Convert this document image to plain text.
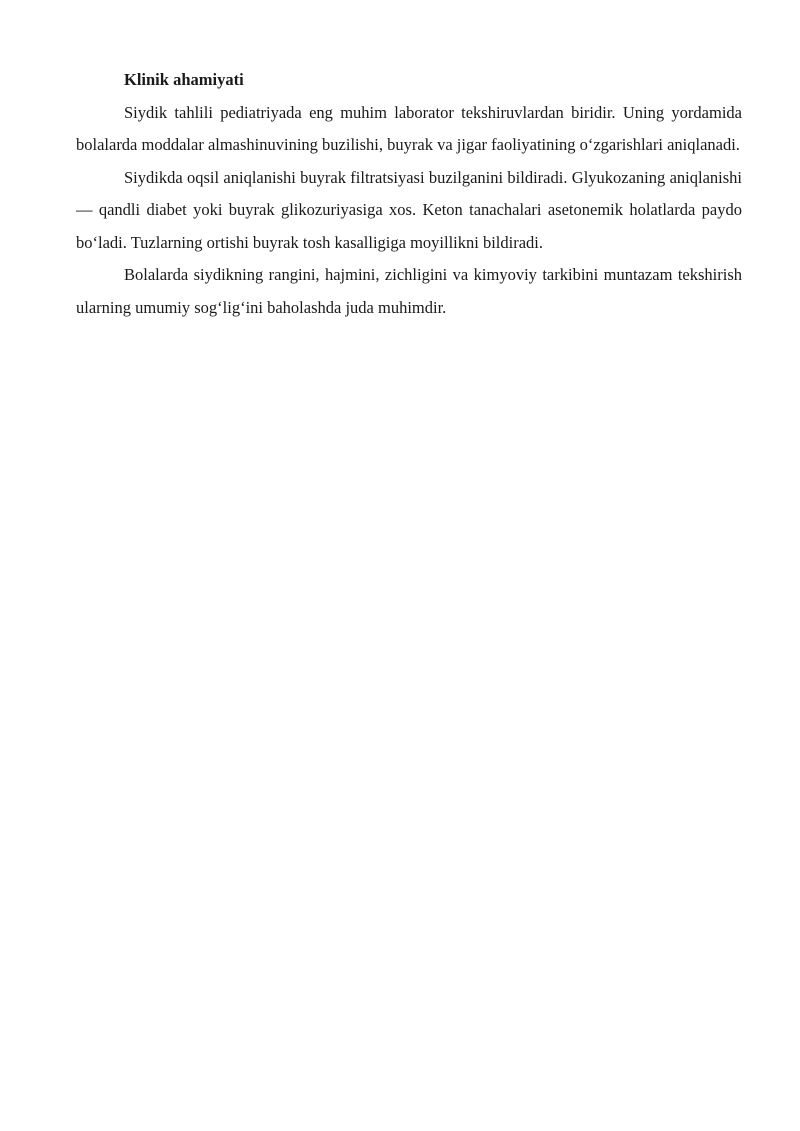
Klinik ahamiyati

Siydik tahlili pediatriyada eng muhim laborator tekshiruvlardan biridir. Uning yordamida bolalarda moddalar almashinuvining buzilishi, buyrak va jigar faoliyatining o‘zgarishlari aniqlanadi.

Siydikda oqsil aniqlanishi buyrak filtratsiyasi buzilganini bildiradi. Glyukozaning aniqlanishi — qandli diabet yoki buyrak glikozuriyasiga xos. Keton tanachalari asetonemik holatlarda paydo bo‘ladi. Tuzlarning ortishi buyrak tosh kasalligiga moyillikni bildiradi.

Bolalarda siydikning rangini, hajmini, zichligini va kimyoviy tarkibini muntazam tekshirish ularning umumiy sog‘lig‘ini baholashda juda muhimdir.
